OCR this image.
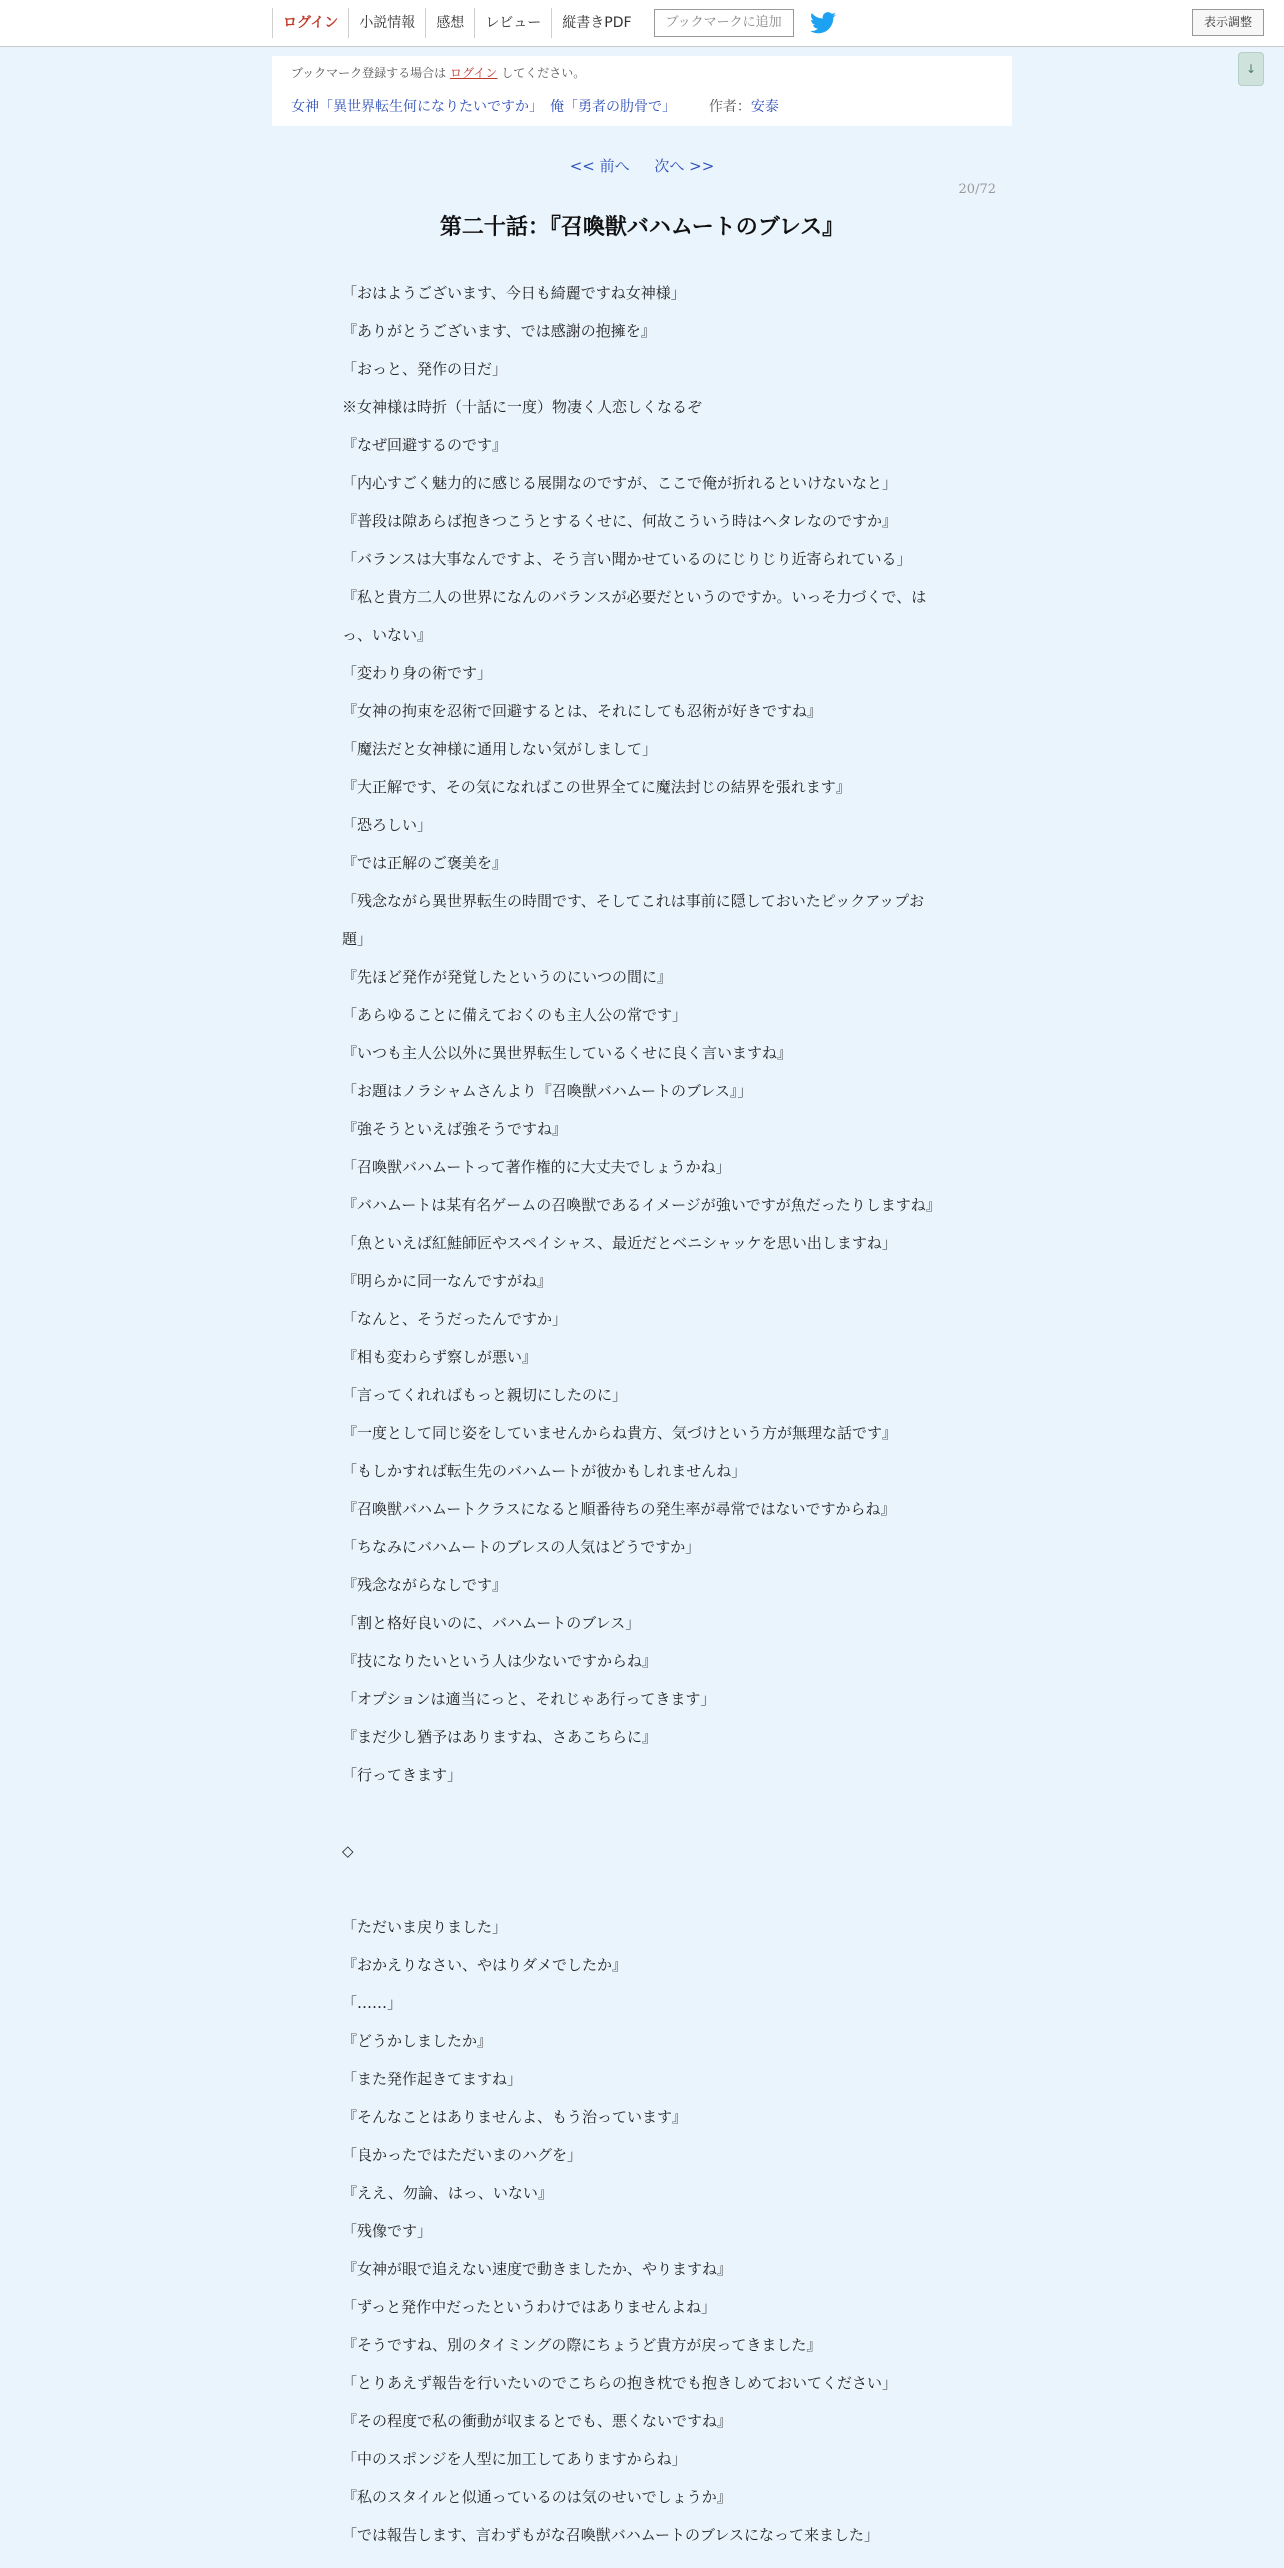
ログイン	小説情報	感想	レビュー	縦書きPDF	ブックマークに追加	表示調整
↓
ブックマーク登録する場合は ログイン してください。
女神「異世界転生何になりたいですか」　俺「勇者の肋骨で」 作者：安泰
<< 前へ 次へ >>
20/72
第二十話：『召喚獣バハムートのブレス』

「おはようございます、今日も綺麗ですね女神様」

『ありがとうございます、では感謝の抱擁を』

「おっと、発作の日だ」

※女神様は時折（十話に一度）物凄く人恋しくなるぞ

『なぜ回避するのです』

「内心すごく魅力的に感じる展開なのですが、ここで俺が折れるといけないなと」

『普段は隙あらば抱きつこうとするくせに、何故こういう時はヘタレなのですか』

「バランスは大事なんですよ、そう言い聞かせているのにじりじり近寄られている」

『私と貴方二人の世界になんのバランスが必要だというのですか。いっそ力づくで、は

っ、いない』

「変わり身の術です」

『女神の拘束を忍術で回避するとは、それにしても忍術が好きですね』

「魔法だと女神様に通用しない気がしまして」

『大正解です、その気になればこの世界全てに魔法封じの結界を張れます』

「恐ろしい」

『では正解のご褒美を』

「残念ながら異世界転生の時間です、そしてこれは事前に隠しておいたピックアップお

題」

『先ほど発作が発覚したというのにいつの間に』

「あらゆることに備えておくのも主人公の常です」

『いつも主人公以外に異世界転生しているくせに良く言いますね』

「お題はノラシャムさんより『召喚獣バハムートのブレス』」

『強そうといえば強そうですね』

「召喚獣バハムートって著作権的に大丈夫でしょうかね」

『バハムートは某有名ゲームの召喚獣であるイメージが強いですが魚だったりしますね』

「魚といえば紅鮭師匠やスペイシャス、最近だとベニシャッケを思い出しますね」

『明らかに同一なんですがね』

「なんと、そうだったんですか」

『相も変わらず察しが悪い』

「言ってくれればもっと親切にしたのに」

『一度として同じ姿をしていませんからね貴方、気づけという方が無理な話です』

「もしかすれば転生先のバハムートが彼かもしれませんね」

『召喚獣バハムートクラスになると順番待ちの発生率が尋常ではないですからね』

「ちなみにバハムートのブレスの人気はどうですか」

『残念ながらなしです』

「割と格好良いのに、バハムートのブレス」

『技になりたいという人は少ないですからね』

「オプションは適当にっと、それじゃあ行ってきます」

『まだ少し猶予はありますね、さあこちらに』

「行ってきます」

◇

「ただいま戻りました」

『おかえりなさい、やはりダメでしたか』

「……」

『どうかしましたか』

「また発作起きてますね」

『そんなことはありませんよ、もう治っています』

「良かったではただいまのハグを」

『ええ、勿論、はっ、いない』

「残像です」

『女神が眼で追えない速度で動きましたか、やりますね』

「ずっと発作中だったというわけではありませんよね」

『そうですね、別のタイミングの際にちょうど貴方が戻ってきました』

「とりあえず報告を行いたいのでこちらの抱き枕でも抱きしめておいてください」

『その程度で私の衝動が収まるとでも、悪くないですね』

「中のスポンジを人型に加工してありますからね」

『私のスタイルと似通っているのは気のせいでしょうか』

「では報告します、言わずもがな召喚獣バハムートのブレスになって来ました」
